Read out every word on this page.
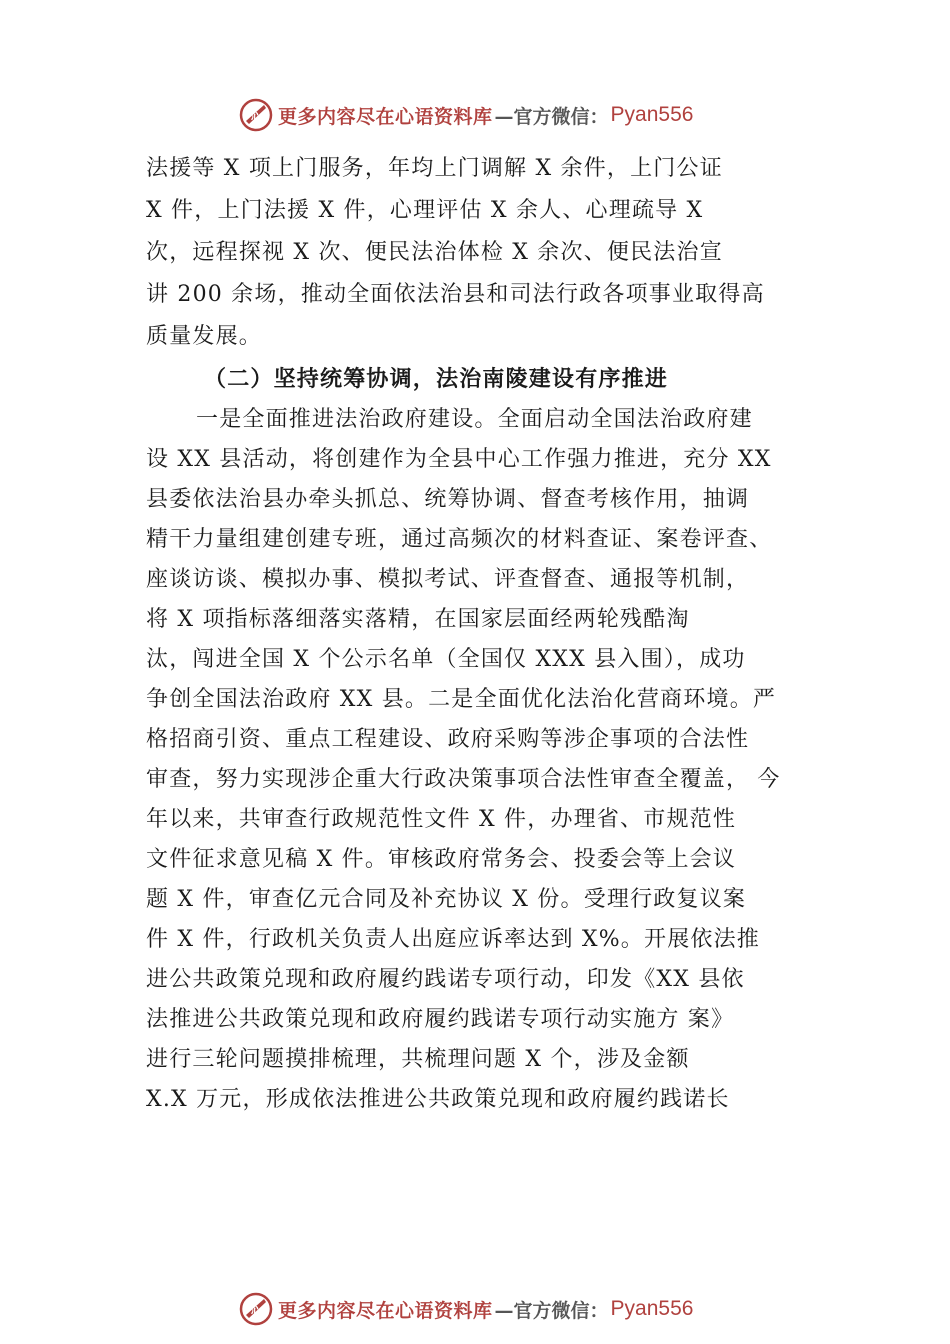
心 更多内容尽在心语资料库 —官方微信： Pyan556
法援等 X 项上门服务，年均上门调解 X 余件，上门公证
X 件，上门法援 X 件，心理评估 X 余人、心理疏导 X
次，远程探视 X 次、便民法治体检 X 余次、便民法治宣
讲 200 余场，推动全面依法治县和司法行政各项事业取得高
质量发展。
（二）坚持统筹协调，法治南陵建设有序推进
一是全面推进法治政府建设。全面启动全国法治政府建
设 XX 县活动，将创建作为全县中心工作强力推进，充分 XX
县委依法治县办牵头抓总、统筹协调、督查考核作用，抽调
精干力量组建创建专班，通过高频次的材料查证、案卷评查、
座谈访谈、模拟办事、模拟考试、评查督查、通报等机制，
将 X 项指标落细落实落精，在国家层面经两轮残酷淘
汰，闯进全国 X 个公示名单（全国仅 XXX 县入围），成功
争创全国法治政府 XX 县。二是全面优化法治化营商环境。严
格招商引资、重点工程建设、政府采购等涉企事项的合法性
审查，努力实现涉企重大行政决策事项合法性审查全覆盖， 今
年以来，共审查行政规范性文件 X 件，办理省、市规范性
文件征求意见稿 X 件。审核政府常务会、投委会等上会议
题 X 件，审查亿元合同及补充协议 X 份。受理行政复议案
件 X 件，行政机关负责人出庭应诉率达到 X%。开展依法推
进公共政策兑现和政府履约践诺专项行动，印发《XX 县依
法推进公共政策兑现和政府履约践诺专项行动实施方 案》
进行三轮问题摸排梳理，共梳理问题 X 个，涉及金额
X.X 万元，形成依法推进公共政策兑现和政府履约践诺长
心 更多内容尽在心语资料库 —官方微信： Pyan556
